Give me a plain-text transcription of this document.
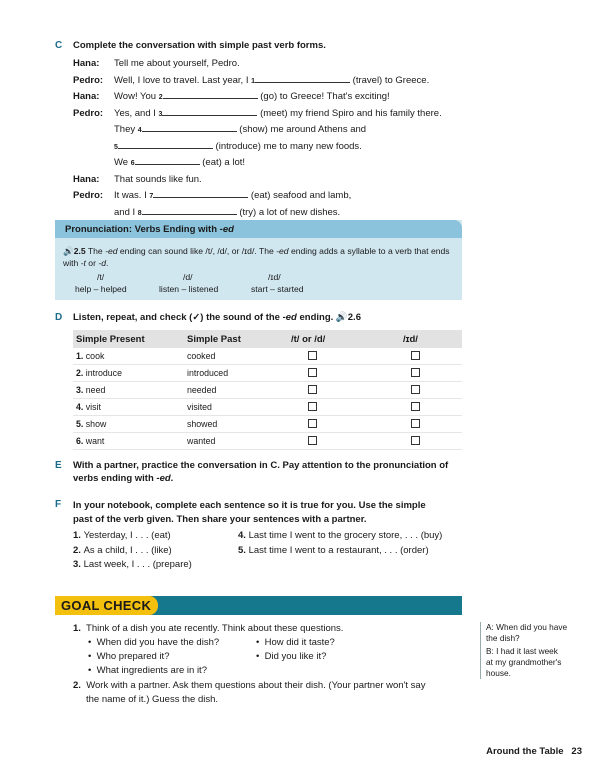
C Complete the conversation with simple past verb forms.
Hana: Tell me about yourself, Pedro.
Pedro: Well, I love to travel. Last year, I 1	(travel) to Greece.
Hana: Wow! You 2	(go) to Greece! That's exciting!
Pedro: Yes, and I 3	(meet) my friend Spiro and his family there.
They 4	(show) me around Athens and
5	(introduce) me to many new foods.
We 6	(eat) a lot!
Hana: That sounds like fun.
Pedro: It was. I 7	(eat) seafood and lamb,
and I 8	(try) a lot of new dishes.
Pronunciation: Verbs Ending with -ed
🔊2.5 The -ed ending can sound like /t/, /d/, or /ɪd/. The -ed ending adds a syllable to a verb that ends with -t or -d.
/t/	/d/	/ɪd/
help – helped	listen – listened	start – started
D Listen, repeat, and check (✓) the sound of the -ed ending. 🔊2.6
Simple Present	Simple Past	/t/ or /d/	/ɪd/
1. cook	cooked
2. introduce	introduced
3. need	needed
4. visit	visited
5. show	showed
6. want	wanted
E With a partner, practice the conversation in C. Pay attention to the pronunciation of
verbs ending with -ed.
F In your notebook, complete each sentence so it is true for you. Use the simple
past of the verb given. Then share your sentences with a partner.
1. Yesterday, I . . . (eat)
2. As a child, I . . . (like)
3. Last week, I . . . (prepare)
4. Last time I went to the grocery store, . . . (buy)
5. Last time I went to a restaurant, . . . (order)
GOAL CHECK
1. Think of a dish you ate recently. Think about these questions.
•  When did you have the dish?
•  Who prepared it?
•  What ingredients are in it?
•  How did it taste?
•  Did you like it?
2. Work with a partner. Ask them questions about their dish. (Your partner won't say
the name of it.) Guess the dish.
A: When did you have
the dish?
B: I had it last week
at my grandmother's
house.
Around the Table 23
